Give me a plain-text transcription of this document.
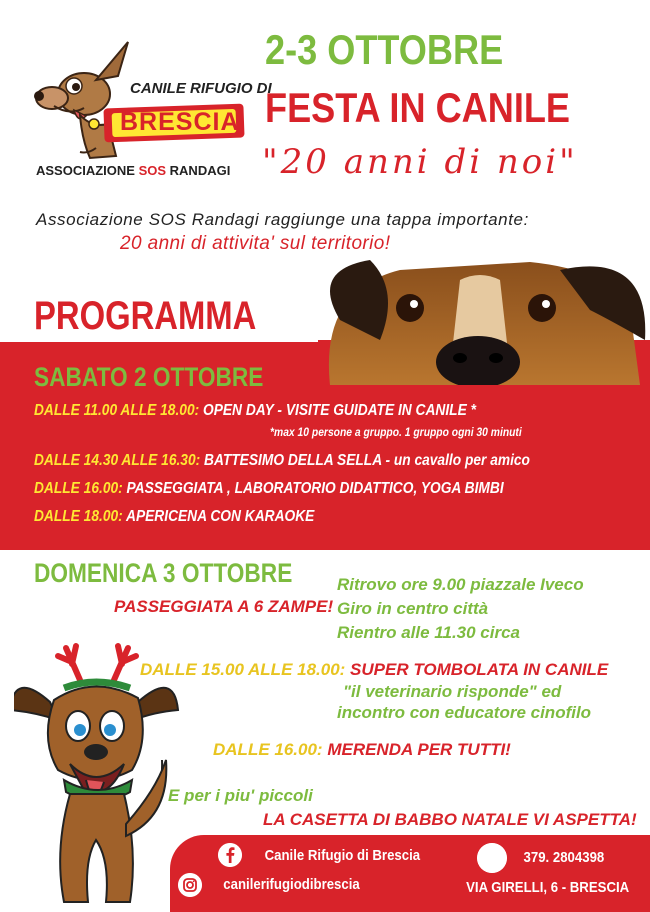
CANILE RIFUGIO DI
BRESCIA
ASSOCIAZIONE SOS RANDAGI
2-3 OTTOBRE
FESTA IN CANILE
"20 anni di noi"
Associazione SOS Randagi raggiunge una tappa importante:
20 anni di attivita' sul territorio!
PROGRAMMA
SABATO 2 OTTOBRE
DALLE 11.00 ALLE 18.00: OPEN DAY - VISITE GUIDATE IN CANILE *
*max 10 persone a gruppo. 1 gruppo ogni 30 minuti
DALLE 14.30 ALLE 16.30: BATTESIMO DELLA SELLA - un cavallo per amico
DALLE 16.00: PASSEGGIATA , LABORATORIO DIDATTICO, YOGA BIMBI
DALLE 18.00: APERICENA CON KARAOKE
DOMENICA 3 OTTOBRE
PASSEGGIATA A 6 ZAMPE!
Ritrovo ore 9.00 piazzale Iveco
Giro in centro città
Rientro alle 11.30 circa
DALLE 15.00 ALLE 18.00: SUPER TOMBOLATA IN CANILE
"il veterinario risponde" ed
incontro con educatore cinofilo
DALLE 16.00: MERENDA PER TUTTI!
E per i piu' piccoli
LA CASETTA DI BABBO NATALE VI ASPETTA!
Canile Rifugio di Brescia
canilerifugiodibrescia
379. 2804398
VIA GIRELLI, 6 - BRESCIA
